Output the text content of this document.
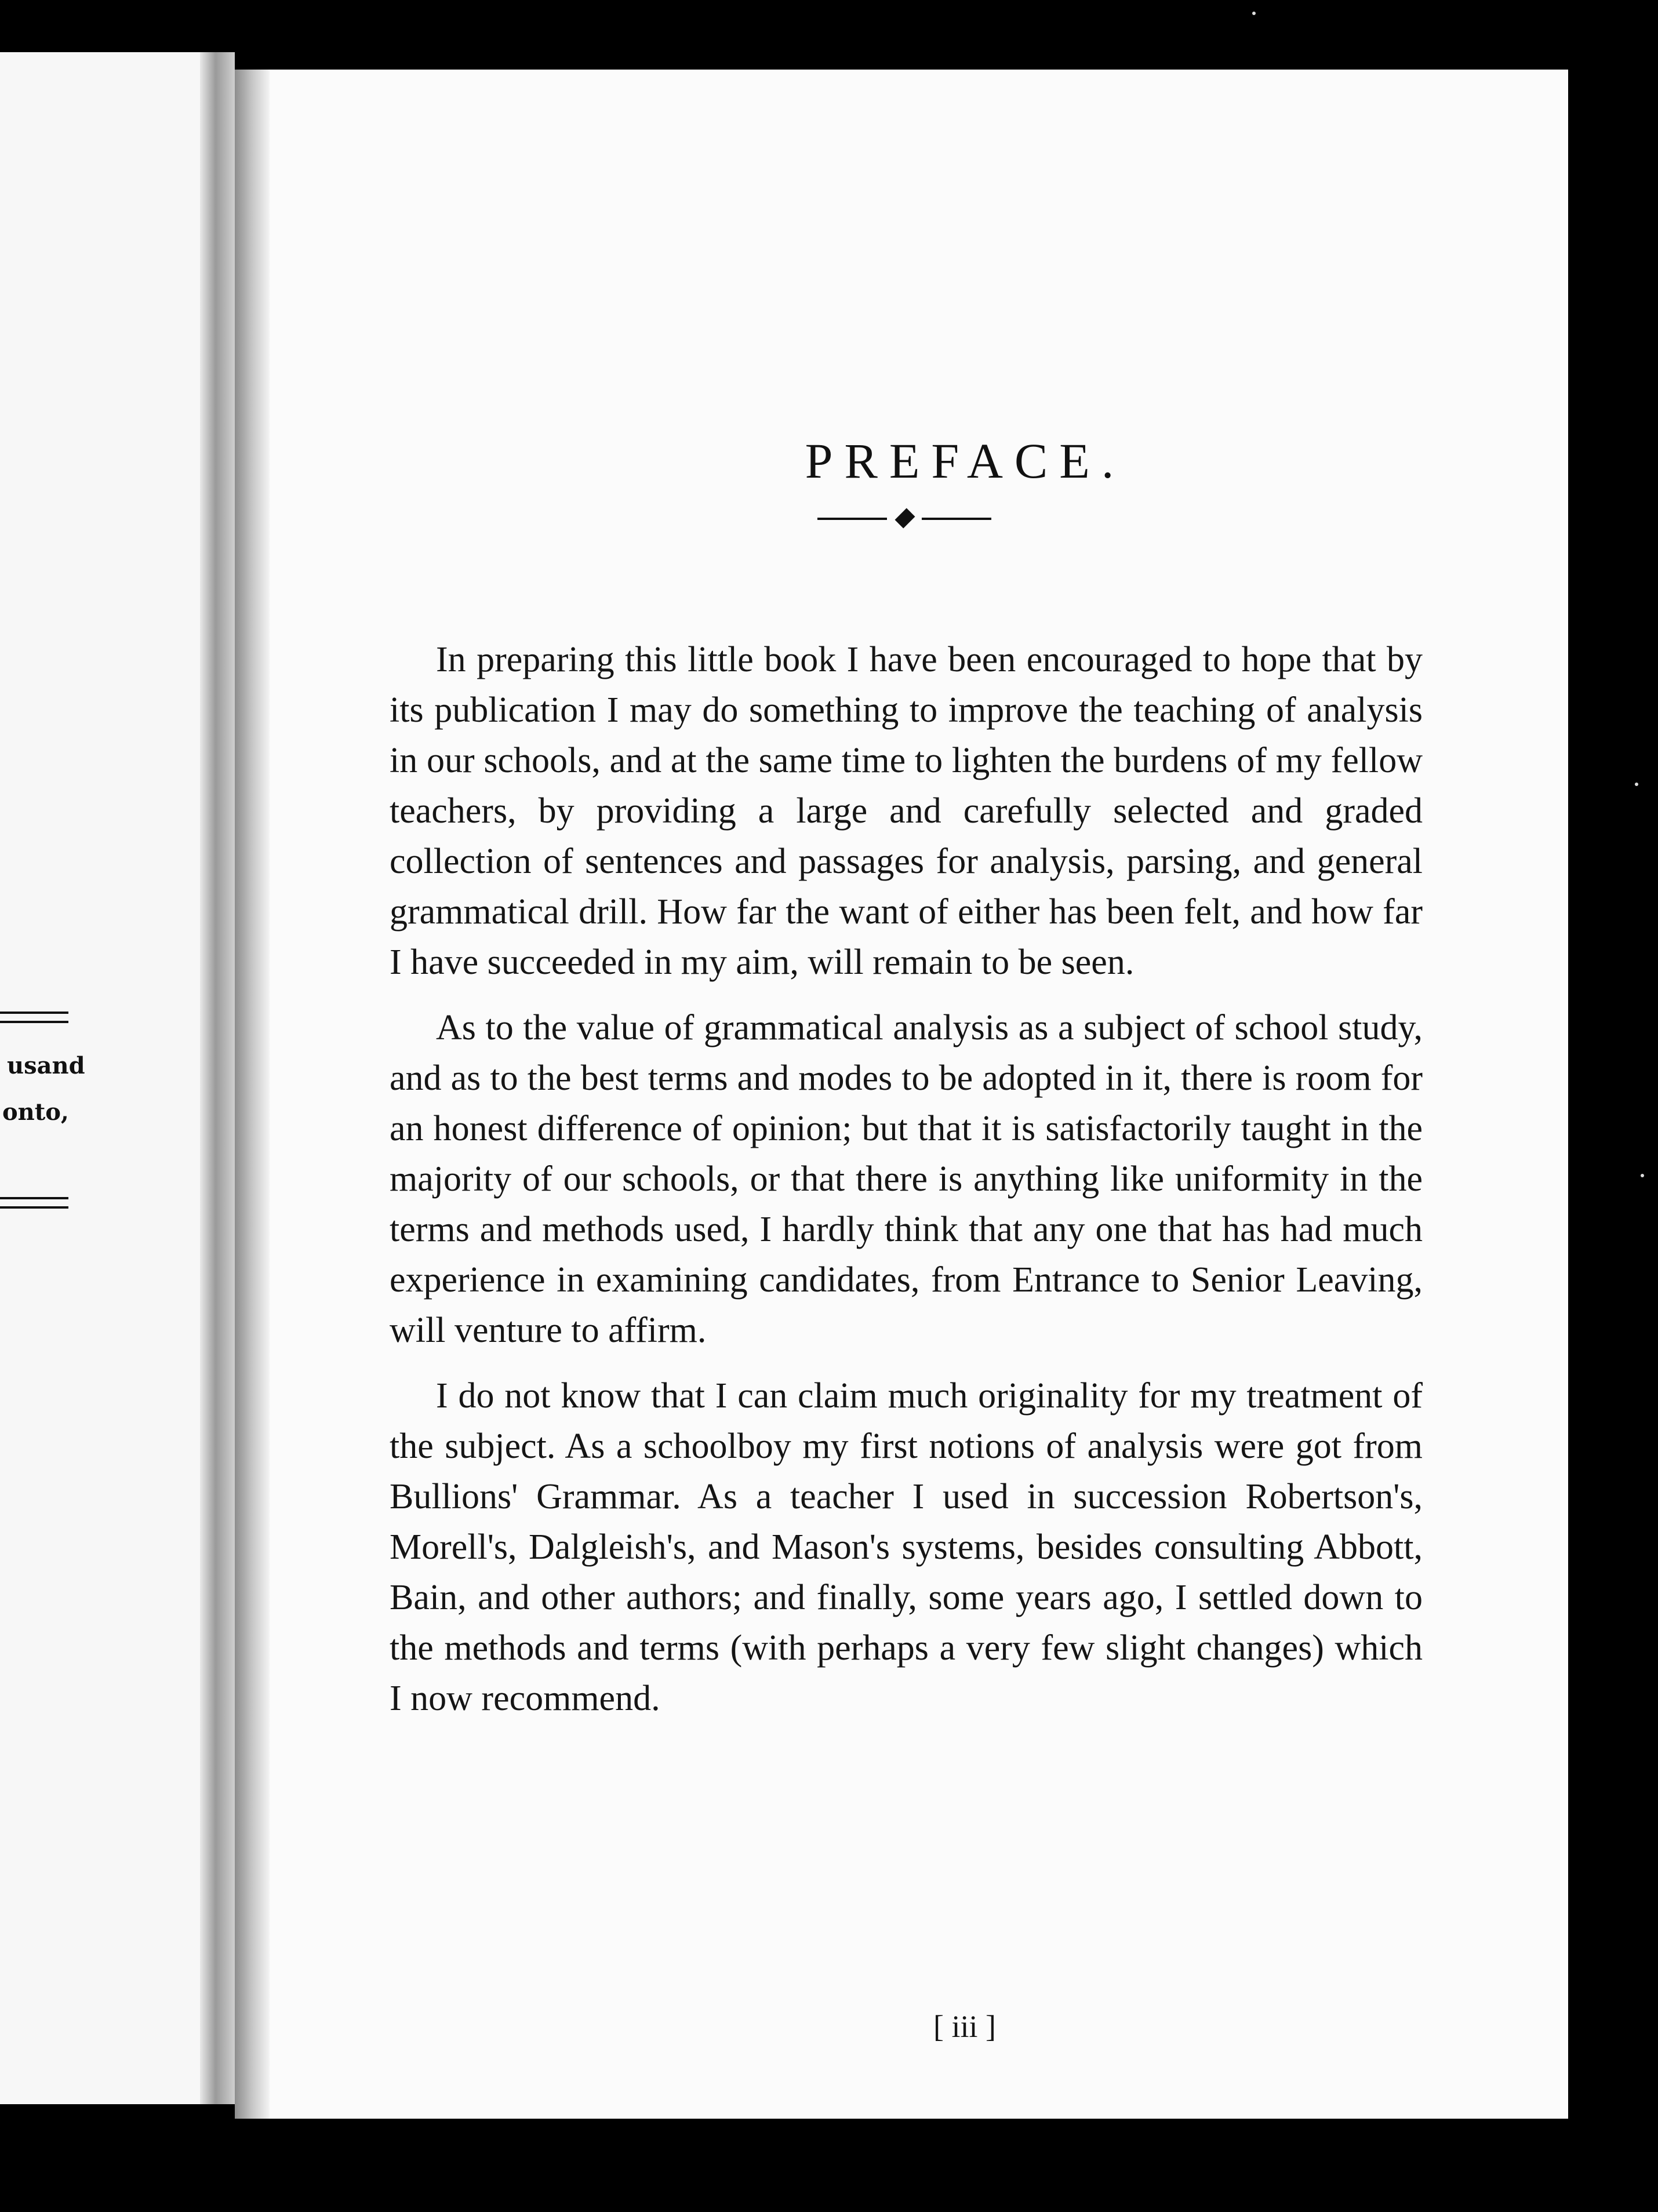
usand
onto,
PREFACE.

In preparing this little book I have been encouraged to hope that by its publication I may do something to improve the teaching of analysis in our schools, and at the same time to lighten the burdens of my fellow teachers, by providing a large and carefully selected and graded collection of sentences and passages for analysis, parsing, and general grammatical drill. How far the want of either has been felt, and how far I have succeeded in my aim, will remain to be seen.

As to the value of grammatical analysis as a subject of school study, and as to the best terms and modes to be adopted in it, there is room for an honest difference of opinion; but that it is satisfactorily taught in the majority of our schools, or that there is anything like uniformity in the terms and methods used, I hardly think that any one that has had much experience in examining candidates, from Entrance to Senior Leaving, will venture to affirm.

I do not know that I can claim much originality for my treatment of the subject. As a schoolboy my first notions of analysis were got from Bullions' Grammar. As a teacher I used in succession Robertson's, Morell's, Dalgleish's, and Mason's systems, besides consulting Abbott, Bain, and other authors; and finally, some years ago, I settled down to the methods and terms (with perhaps a very few slight changes) which I now recommend.

[ iii ]
